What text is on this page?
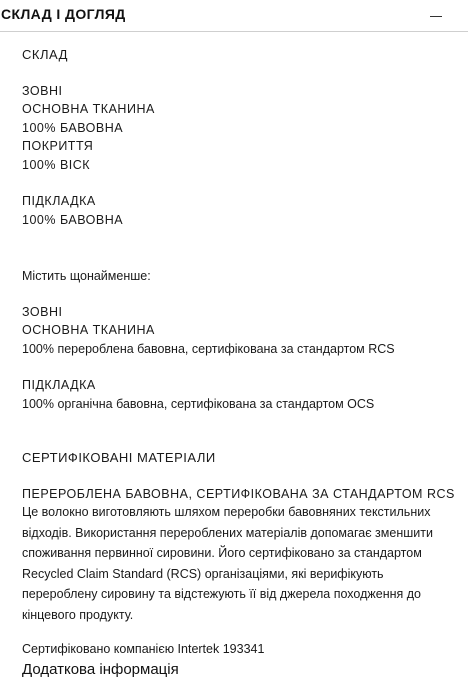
СКЛАД І ДОГЛЯД
СКЛАД
ЗОВНІ
ОСНОВНА ТКАНИНА
100% БАВОВНА
ПОКРИТТЯ
100% ВІСК
ПІДКЛАДКА
100% БАВОВНА
Містить щонайменше:
ЗОВНІ
ОСНОВНА ТКАНИНА
100% перероблена бавовна, сертифікована за стандартом RCS
ПІДКЛАДКА
100% органічна бавовна, сертифікована за стандартом OCS
СЕРТИФІКОВАНІ МАТЕРІАЛИ
ПЕРЕРОБЛЕНА БАВОВНА, СЕРТИФІКОВАНА ЗА СТАНДАРТОМ RCS
Це волокно виготовляють шляхом переробки бавовняних текстильних відходів. Використання перероблених матеріалів допомагає зменшити споживання первинної сировини. Його сертифіковано за стандартом Recycled Claim Standard (RCS) організаціями, які верифікують перероблену сировину та відстежують її від джерела походження до кінцевого продукту.
Сертифіковано компанією Intertek 193341
Додаткова інформація
